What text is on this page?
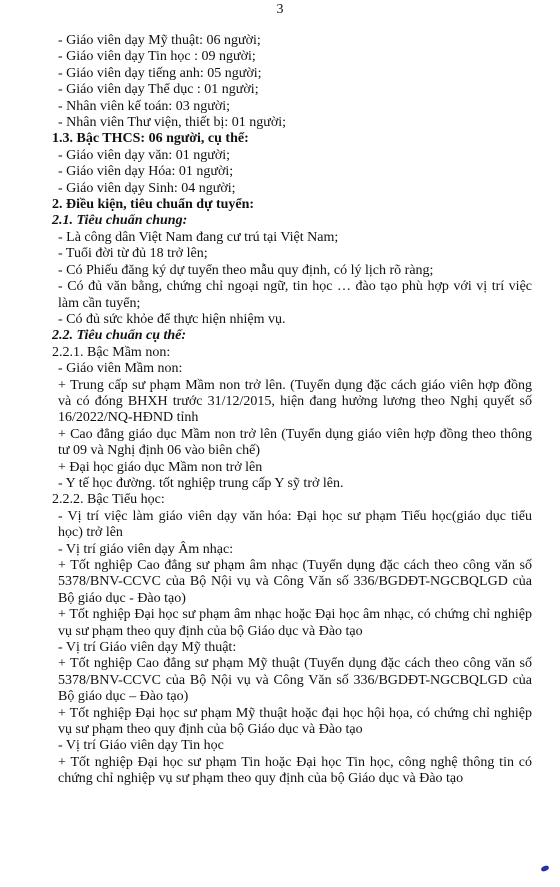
3
- Giáo viên dạy Mỹ thuật: 06 người;
- Giáo viên dạy Tin học : 09 người;
- Giáo viên dạy tiếng anh: 05 người;
- Giáo viên dạy Thể dục : 01 người;
- Nhân viên kế toán: 03 người;
- Nhân viên Thư viện, thiết bị: 01 người;
1.3. Bậc THCS: 06 người, cụ thể:
- Giáo viên dạy văn: 01 người;
- Giáo viên dạy Hóa: 01 người;
- Giáo viên dạy Sinh: 04 người;
2. Điều kiện, tiêu chuẩn dự tuyển:
2.1. Tiêu chuẩn chung:
- Là công dân Việt Nam đang cư trú tại Việt Nam;
- Tuổi đời từ đủ 18 trở lên;
- Có Phiếu đăng ký dự tuyển theo mẫu quy định, có lý lịch rõ ràng;
- Có đủ văn bằng, chứng chỉ ngoại ngữ, tin học … đào tạo phù hợp với vị trí việc làm cần tuyển;
- Có đủ sức khỏe để thực hiện nhiệm vụ.
2.2. Tiêu chuẩn cụ thể:
2.2.1. Bậc Mầm non:
- Giáo viên Mầm non:
+ Trung cấp sư phạm Mầm non trở lên. (Tuyển dụng đặc cách giáo viên hợp đồng và có đóng BHXH trước 31/12/2015, hiện đang hưởng lương theo Nghị quyết số 16/2022/NQ-HĐND tỉnh
+ Cao đẳng giáo dục Mầm non trở lên (Tuyển dụng giáo viên hợp đồng theo thông tư 09 và Nghị định 06 vào biên chế)
+ Đại học giáo dục Mầm non trở lên
- Y tế học đường. tốt nghiệp trung cấp Y sỹ trở lên.
2.2.2. Bậc Tiểu học:
- Vị trí việc làm giáo viên dạy văn hóa: Đại học sư phạm Tiểu học(giáo dục tiểu học) trở lên
- Vị trí giáo viên dạy Âm nhạc:
+ Tốt nghiệp Cao đẳng sư phạm âm nhạc (Tuyển dụng đặc cách theo công văn số 5378/BNV-CCVC của Bộ Nội vụ và Công Văn số 336/BGDĐT-NGCBQLGD của Bộ giáo dục - Đào tạo)
+ Tốt nghiệp Đại học sư phạm âm nhạc hoặc Đại học âm nhạc, có chứng chỉ nghiệp vụ sư phạm theo quy định của bộ Giáo dục và Đào tạo
- Vị trí Giáo viên dạy Mỹ thuật:
+ Tốt nghiệp Cao đẳng sư phạm Mỹ thuật (Tuyển dụng đặc cách theo công văn số 5378/BNV-CCVC của Bộ Nội vụ và Công Văn số 336/BGDĐT-NGCBQLGD của Bộ giáo dục – Đào tạo)
+ Tốt nghiệp Đại học sư phạm Mỹ thuật hoặc đại học hội họa, có chứng chỉ nghiệp vụ sư phạm theo quy định của bộ Giáo dục và Đào tạo
- Vị trí Giáo viên dạy Tin học
+ Tốt nghiệp Đại học sư phạm Tin hoặc Đại học Tin học, công nghệ thông tin có chứng chỉ nghiệp vụ sư phạm theo quy định của bộ Giáo dục và Đào tạo
